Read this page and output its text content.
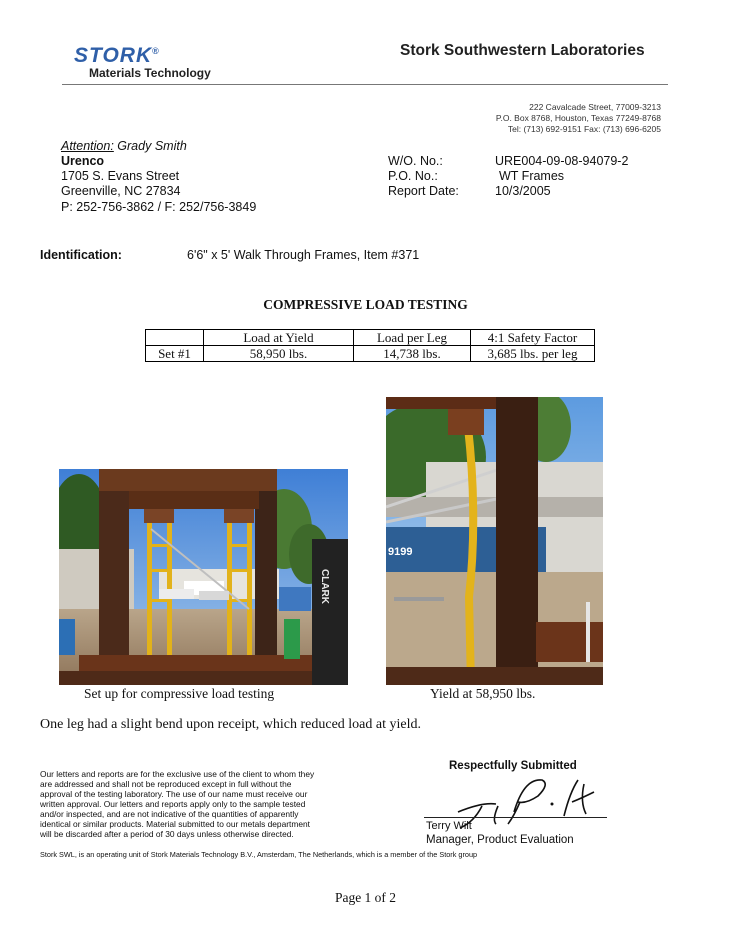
STORK®
Materials Technology
Stork Southwestern Laboratories
222 Cavalcade Street, 77009-3213
P.O. Box 8768, Houston, Texas 77249-8768
Tel: (713) 692-9151 Fax: (713) 696-6205
Attention: Grady Smith
Urenco
1705 S. Evans Street
Greenville, NC 27834
P: 252-756-3862 / F: 252/756-3849
W/O. No.:	URE004-09-08-94079-2
P.O. No.:	WT Frames
Report Date:	10/3/2005
Identification:	6'6" x 5' Walk Through Frames, Item #371
COMPRESSIVE LOAD TESTING
	Load at Yield	Load per Leg	4:1 Safety Factor
Set #1	58,950 lbs.	14,738 lbs.	3,685 lbs. per leg
CLARK
9199
Set up for compressive load testing	Yield at 58,950 lbs.
One leg had a slight bend upon receipt, which reduced load at yield.
Our letters and reports are for the exclusive use of the client to whom they
are addressed and shall not be reproduced except in full without the
approval of the testing laboratory. The use of our name must receive our
written approval. Our letters and reports apply only to the sample tested
and/or inspected, and are not indicative of the quantities of apparently
identical or similar products. Material submitted to our metals department
will be discarded after a period of 30 days unless otherwise directed.
Stork SWL, is an operating unit of Stork Materials Technology B.V., Amsterdam, The Netherlands, which is a member of the Stork group
Respectfully Submitted
Terry Wilt
Manager, Product Evaluation
Page 1 of 2
